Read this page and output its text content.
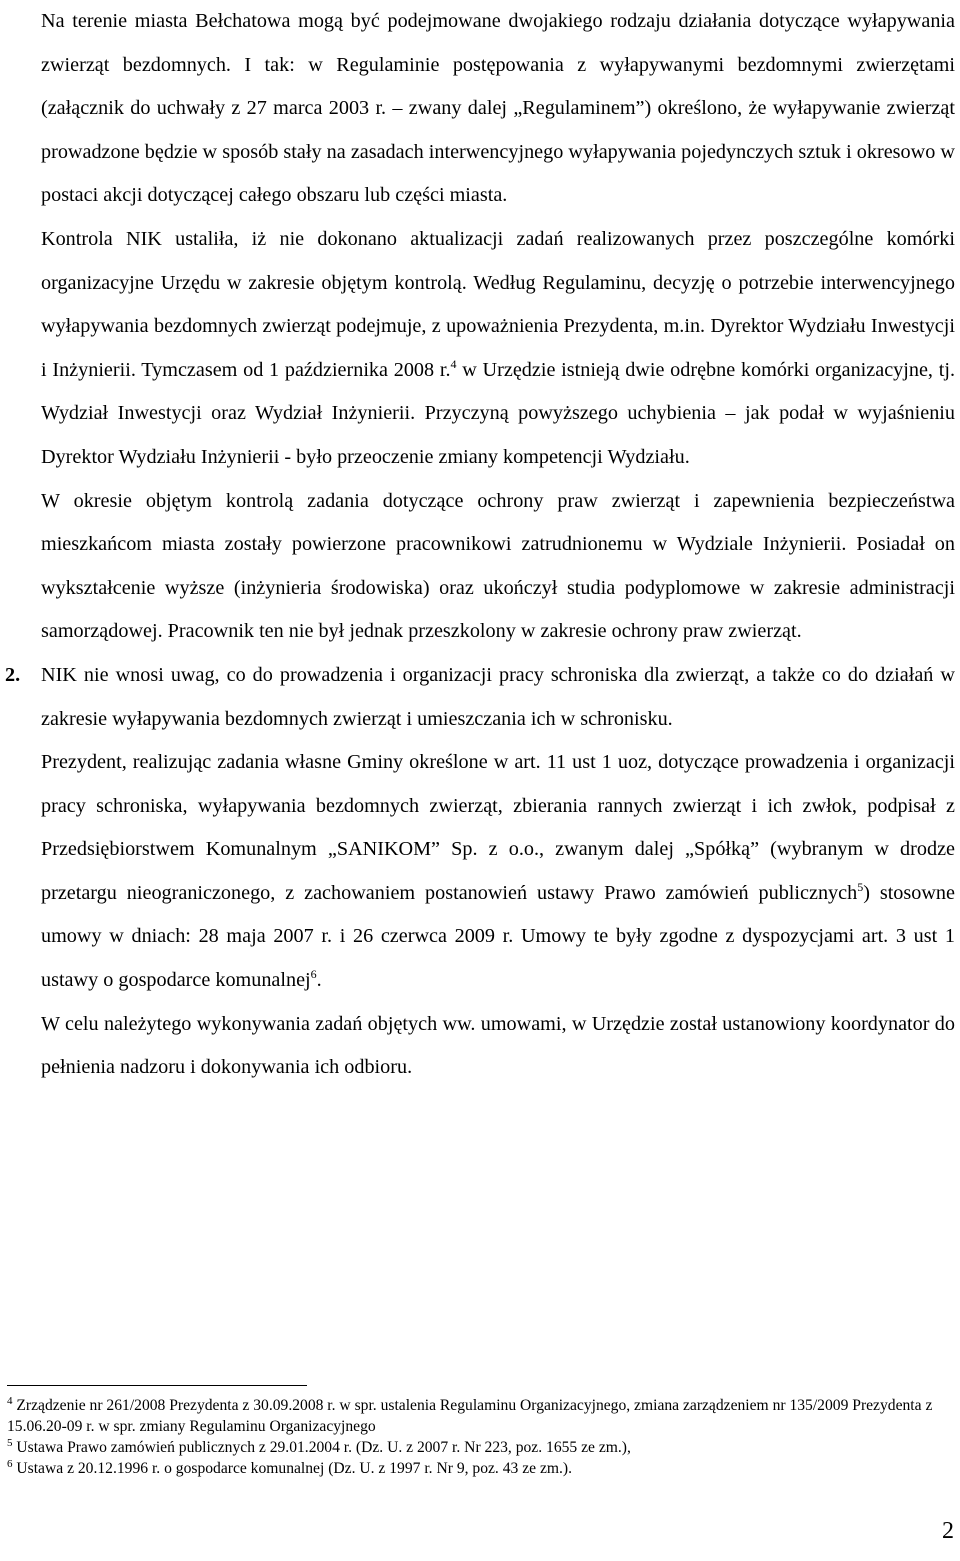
Na terenie miasta Bełchatowa mogą być podejmowane dwojakiego rodzaju działania dotyczące wyłapywania zwierząt bezdomnych. I tak: w Regulaminie postępowania z wyłapywanymi bezdomnymi zwierzętami (załącznik do uchwały z 27 marca 2003 r. – zwany dalej „Regulaminem”) określono, że wyłapywanie zwierząt prowadzone będzie w sposób stały na zasadach interwencyjnego wyłapywania pojedynczych sztuk i okresowo w postaci akcji dotyczącej całego obszaru lub części miasta.

Kontrola NIK ustaliła, iż nie dokonano aktualizacji zadań realizowanych przez poszczególne komórki organizacyjne Urzędu w zakresie objętym kontrolą. Według Regulaminu, decyzję o potrzebie interwencyjnego wyłapywania bezdomnych zwierząt podejmuje, z upoważnienia Prezydenta, m.in. Dyrektor Wydziału Inwestycji i Inżynierii. Tymczasem od 1 października 2008 r.$^4$ w Urzędzie istnieją dwie odrębne komórki organizacyjne, tj. Wydział Inwestycji oraz Wydział Inżynierii. Przyczyną powyższego uchybienia – jak podał w wyjaśnieniu Dyrektor Wydziału Inżynierii - było przeoczenie zmiany kompetencji Wydziału.

W okresie objętym kontrolą zadania dotyczące ochrony praw zwierząt i zapewnienia bezpieczeństwa mieszkańcom miasta zostały powierzone pracownikowi zatrudnionemu w Wydziale Inżynierii. Posiadał on wykształcenie wyższe (inżynieria środowiska) oraz ukończył studia podyplomowe w zakresie administracji samorządowej. Pracownik ten nie był jednak przeszkolony w zakresie ochrony praw zwierząt.

2. NIK nie wnosi uwag, co do prowadzenia i organizacji pracy schroniska dla zwierząt, a także co do działań w zakresie wyłapywania bezdomnych zwierząt i umieszczania ich w schronisku.

Prezydent, realizując zadania własne Gminy określone w art. 11 ust 1 uoz, dotyczące prowadzenia i organizacji pracy schroniska, wyłapywania bezdomnych zwierząt, zbierania rannych zwierząt i ich zwłok, podpisał z Przedsiębiorstwem Komunalnym „SANIKOM” Sp. z o.o., zwanym dalej „Spółką” (wybranym w drodze przetargu nieograniczonego, z zachowaniem postanowień ustawy Prawo zamówień publicznych$^5$) stosowne umowy w dniach: 28 maja 2007 r. i 26 czerwca 2009 r. Umowy te były zgodne z dyspozycjami art. 3 ust 1 ustawy o gospodarce komunalnej$^6$.

W celu należytego wykonywania zadań objętych ww. umowami, w Urzędzie został ustanowiony koordynator do pełnienia nadzoru i dokonywania ich odbioru.

$^4$ Zrządzenie nr 261/2008 Prezydenta z 30.09.2008 r. w spr. ustalenia Regulaminu Organizacyjnego, zmiana zarządzeniem nr 135/2009 Prezydenta z 15.06.20-09 r. w spr. zmiany Regulaminu Organizacyjnego

$^5$ Ustawa Prawo zamówień publicznych z 29.01.2004 r. (Dz. U. z 2007 r. Nr 223, poz. 1655 ze zm.),

$^6$ Ustawa z 20.12.1996 r. o gospodarce komunalnej (Dz. U. z 1997 r. Nr 9, poz. 43 ze zm.).

2
